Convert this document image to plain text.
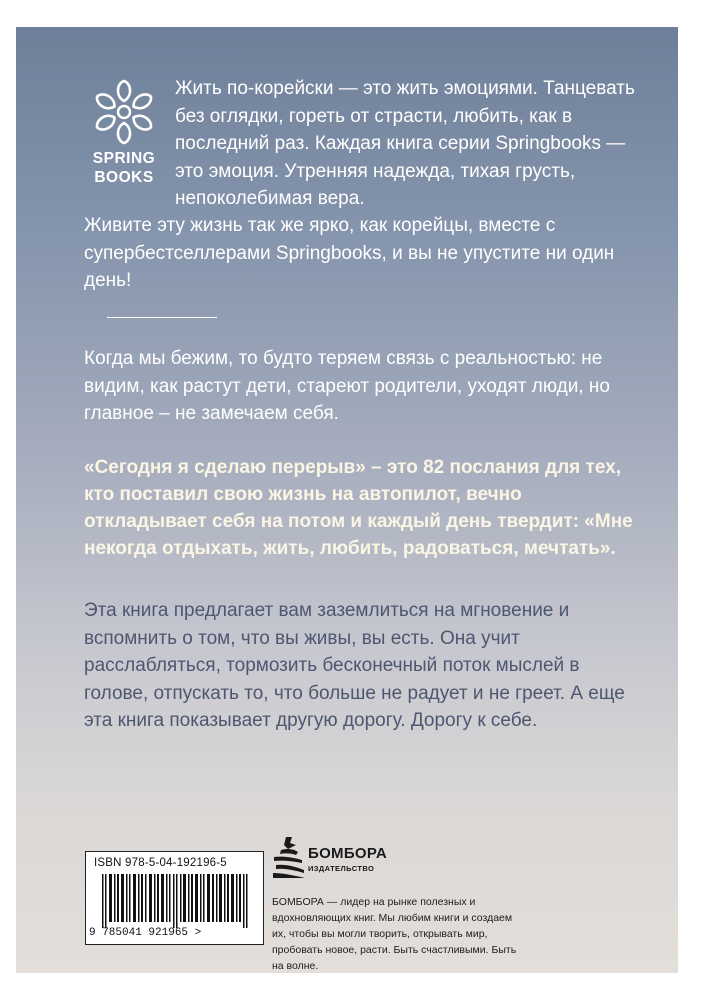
SPRING
BOOKS

Жить по-корейски — это жить эмоциями. Танцевать без оглядки, гореть от страсти, любить, как в последний раз. Каждая книга серии Springbooks — это эмоция. Утренняя надежда, тихая грусть, непоколебимая вера.

Живите эту жизнь так же ярко, как корейцы, вместе с супербестселлерами Springbooks, и вы не упустите ни один день!

Когда мы бежим, то будто теряем связь с реальностью: не видим, как растут дети, стареют родители, уходят люди, но главное – не замечаем себя.

«Сегодня я сделаю перерыв» – это 82 послания для тех, кто поставил свою жизнь на автопилот, вечно откладывает себя на потом и каждый день твердит: «Мне некогда отдыхать, жить, любить, радоваться, мечтать».

Эта книга предлагает вам заземлиться на мгновение и вспомнить о том, что вы живы, вы есть. Она учит расслабляться, тормозить бесконечный поток мыслей в голове, отпускать то, что больше не радует и не греет. А еще эта книга показывает другую дорогу. Дорогу к себе.

ISBN 978-5-04-192196-5
9 785041 921965 >
БОМБОРА
ИЗДАТЕЛЬСТВО

БОМБОРА — лидер на рынке полезных и вдохновляющих книг. Мы любим книги и создаем их, чтобы вы могли творить, открывать мир, пробовать новое, расти. Быть счастливыми. Быть на волне.
